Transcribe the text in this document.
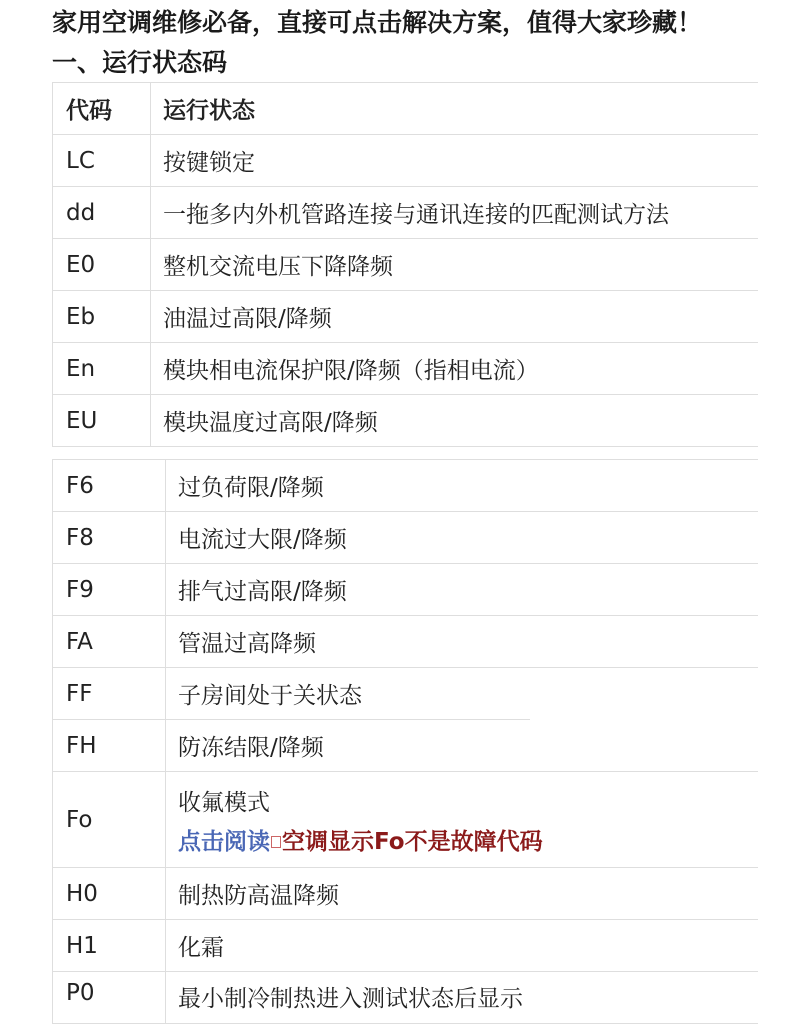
家用空调维修必备，直接可点击解决方案，值得大家珍藏！
一、运行状态码
代码	运行状态
LC	按键锁定
dd	一拖多内外机管路连接与通讯连接的匹配测试方法
E0	整机交流电压下降降频
Eb	油温过高限/降频
En	模块相电流保护限/降频（指相电流）
EU	模块温度过高限/降频
F6	过负荷限/降频
F8	电流过大限/降频
F9	排气过高限/降频
FA	管温过高降频
FF	子房间处于关状态
FH	防冻结限/降频
Fo	收氟模式
点击阅读 空调显示Fo不是故障代码

H0	制热防高温降频
H1	化霜
P0	最小制冷制热进入测试状态后显示
